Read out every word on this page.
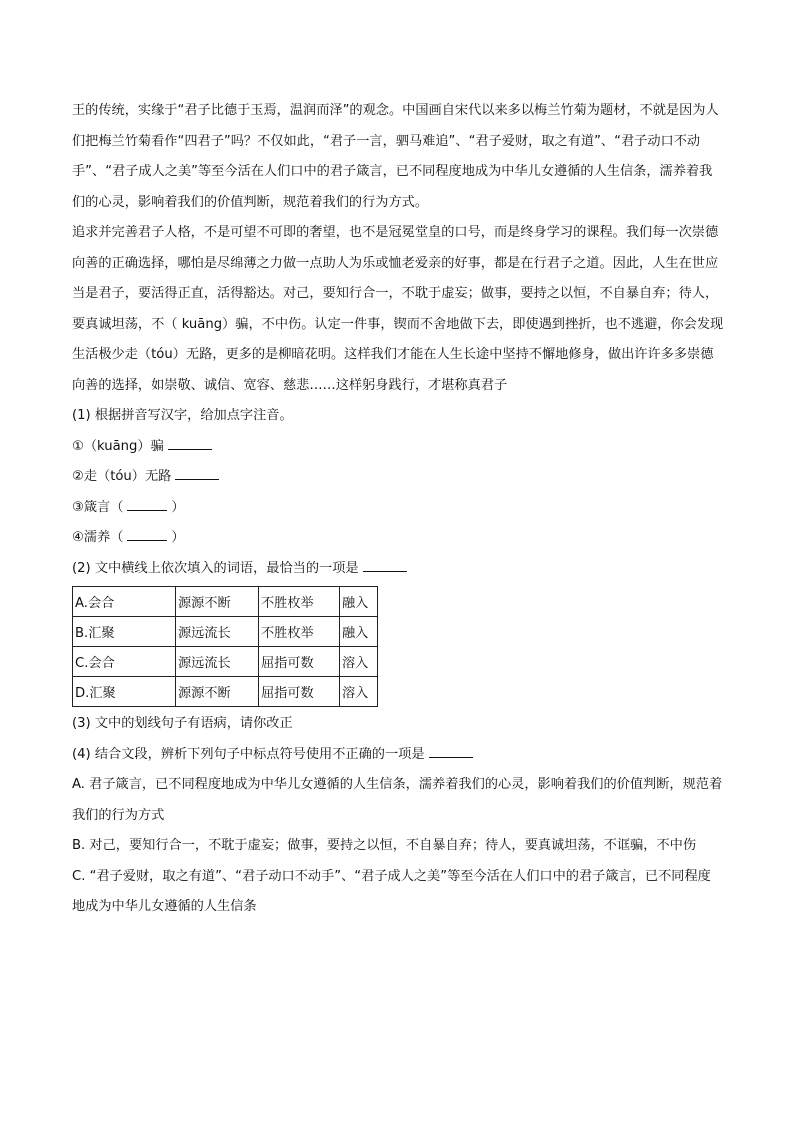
王的传统，实缘于“君子比德于玉焉，温润而泽”的观念。中国画自宋代以来多以梅兰竹菊为题材，不就是因为人们把梅兰竹菊看作“四君子”吗？不仅如此，“君子一言，驷马难追”、“君子爱财，取之有道”、“君子动口不动手”、“君子成人之美”等至今活在人们口中的君子箴言，已不同程度地成为中华儿女遵循的人生信条，濡养着我们的心灵，影响着我们的价值判断，规范着我们的行为方式。

追求并完善君子人格，不是可望不可即的奢望，也不是冠冕堂皇的口号，而是终身学习的课程。我们每一次崇德向善的正确选择，哪怕是尽绵薄之力做一点助人为乐或恤老爱亲的好事，都是在行君子之道。因此，人生在世应当是君子，要活得正直，活得豁达。对己，要知行合一，不耽于虚妄；做事，要持之以恒，不自暴自弃；待人，要真诚坦荡，不（ kuāng）骗，不中伤。认定一件事，锲而不舍地做下去，即使遇到挫折，也不逃避，你会发现生活极少走（tóu）无路，更多的是柳暗花明。这样我们才能在人生长途中坚持不懈地修身，做出许许多多崇德向善的选择，如崇敬、诚信、宽容、慈悲……这样躬身践行，才堪称真君子

(1) 根据拼音写汉字，给加点字注音。

①（kuāng）骗

②走（tóu）无路

③箴言（	）

④濡养（	）

(2) 文中横线上依次填入的词语，最恰当的一项是

A.会合	源源不断	不胜枚举	融入
B.汇聚	源远流长	不胜枚举	融入
C.会合	源远流长	屈指可数	溶入
D.汇聚	源源不断	屈指可数	溶入

(3) 文中的划线句子有语病，请你改正

(4) 结合文段，辨析下列句子中标点符号使用不正确的一项是

A. 君子箴言，已不同程度地成为中华儿女遵循的人生信条，濡养着我们的心灵，影响着我们的价值判断，规范着我们的行为方式

B. 对己，要知行合一，不耽于虚妄；做事，要持之以恒，不自暴自弃；待人，要真诚坦荡，不诓骗，不中伤

C. “君子爱财，取之有道”、“君子动口不动手”、“君子成人之美”等至今活在人们口中的君子箴言，已不同程度地成为中华儿女遵循的人生信条
